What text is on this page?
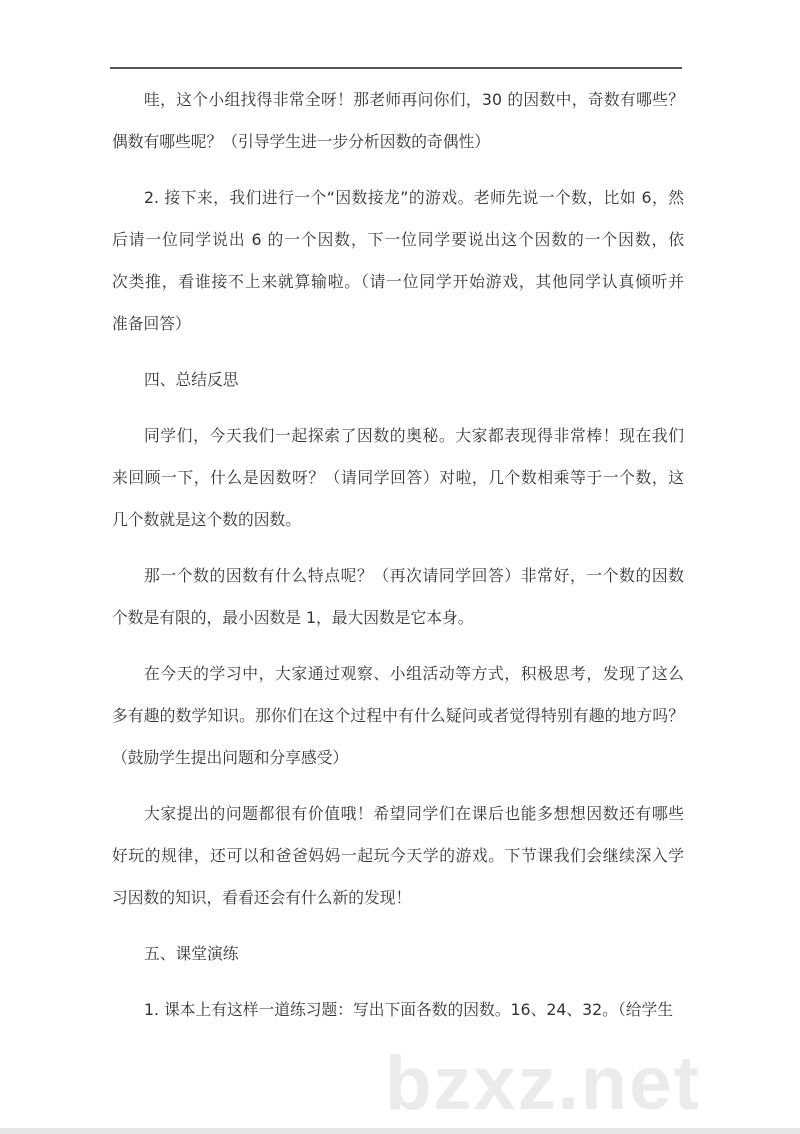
哇，这个小组找得非常全呀！那老师再问你们，30 的因数中，奇数有哪些？
偶数有哪些呢？（引导学生进一步分析因数的奇偶性）
2. 接下来，我们进行一个“因数接龙”的游戏。老师先说一个数，比如 6，然
后请一位同学说出 6 的一个因数，下一位同学要说出这个因数的一个因数，依
次类推，看谁接不上来就算输啦。（请一位同学开始游戏，其他同学认真倾听并
准备回答）
四、总结反思
同学们，今天我们一起探索了因数的奥秘。大家都表现得非常棒！现在我们
来回顾一下，什么是因数呀？（请同学回答）对啦，几个数相乘等于一个数，这
几个数就是这个数的因数。
那一个数的因数有什么特点呢？（再次请同学回答）非常好，一个数的因数
个数是有限的，最小因数是 1，最大因数是它本身。
在今天的学习中，大家通过观察、小组活动等方式，积极思考，发现了这么
多有趣的数学知识。那你们在这个过程中有什么疑问或者觉得特别有趣的地方吗？
（鼓励学生提出问题和分享感受）
大家提出的问题都很有价值哦！希望同学们在课后也能多想想因数还有哪些
好玩的规律，还可以和爸爸妈妈一起玩今天学的游戏。下节课我们会继续深入学
习因数的知识，看看还会有什么新的发现！
五、课堂演练
1. 课本上有这样一道练习题：写出下面各数的因数。16、24、32。（给学生
bzxz.net
